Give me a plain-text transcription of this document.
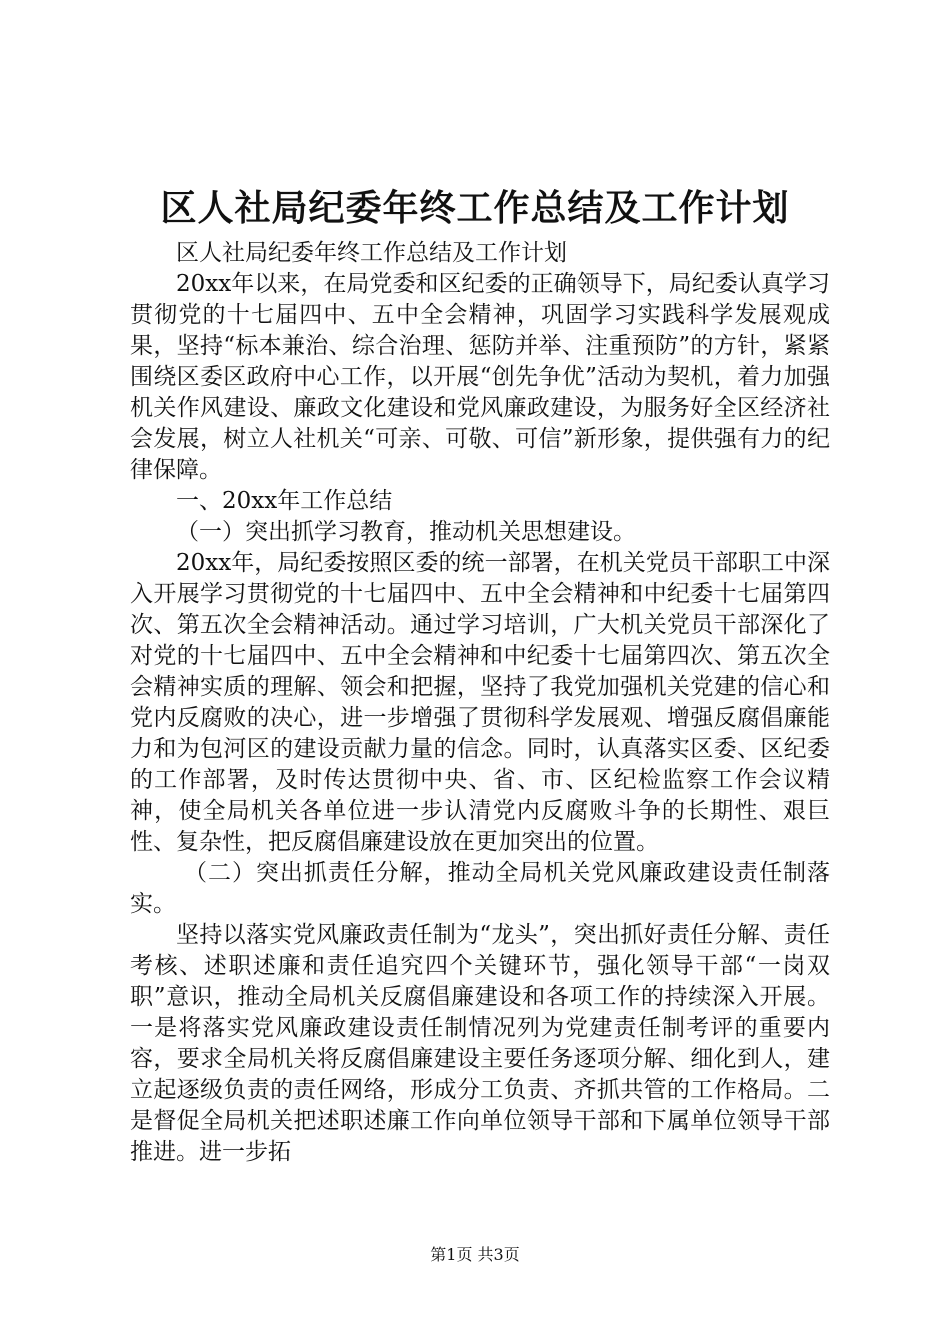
区人社局纪委年终工作总结及工作计划

区人社局纪委年终工作总结及工作计划

20xx年以来，在局党委和区纪委的正确领导下，局纪委认真学习贯彻党的十七届四中、五中全会精神，巩固学习实践科学发展观成果，坚持“标本兼治、综合治理、惩防并举、注重预防”的方针，紧紧围绕区委区政府中心工作，以开展“创先争优”活动为契机，着力加强机关作风建设、廉政文化建设和党风廉政建设，为服务好全区经济社会发展，树立人社机关“可亲、可敬、可信”新形象，提供强有力的纪律保障。

一、20xx年工作总结

（一）突出抓学习教育，推动机关思想建设。

20xx年，局纪委按照区委的统一部署，在机关党员干部职工中深入开展学习贯彻党的十七届四中、五中全会精神和中纪委十七届第四次、第五次全会精神活动。通过学习培训，广大机关党员干部深化了对党的十七届四中、五中全会精神和中纪委十七届第四次、第五次全会精神实质的理解、领会和把握，坚持了我党加强机关党建的信心和党内反腐败的决心，进一步增强了贯彻科学发展观、增强反腐倡廉能力和为包河区的建设贡献力量的信念。同时，认真落实区委、区纪委的工作部署，及时传达贯彻中央、省、市、区纪检监察工作会议精神，使全局机关各单位进一步认清党内反腐败斗争的长期性、艰巨性、复杂性，把反腐倡廉建设放在更加突出的位置。

（二）突出抓责任分解，推动全局机关党风廉政建设责任制落实。

坚持以落实党风廉政责任制为“龙头”，突出抓好责任分解、责任考核、述职述廉和责任追究四个关键环节，强化领导干部“一岗双职”意识，推动全局机关反腐倡廉建设和各项工作的持续深入开展。一是将落实党风廉政建设责任制情况列为党建责任制考评的重要内容，要求全局机关将反腐倡廉建设主要任务逐项分解、细化到人，建立起逐级负责的责任网络，形成分工负责、齐抓共管的工作格局。二是督促全局机关把述职述廉工作向单位领导干部和下属单位领导干部推进。进一步拓

第1页 共3页
